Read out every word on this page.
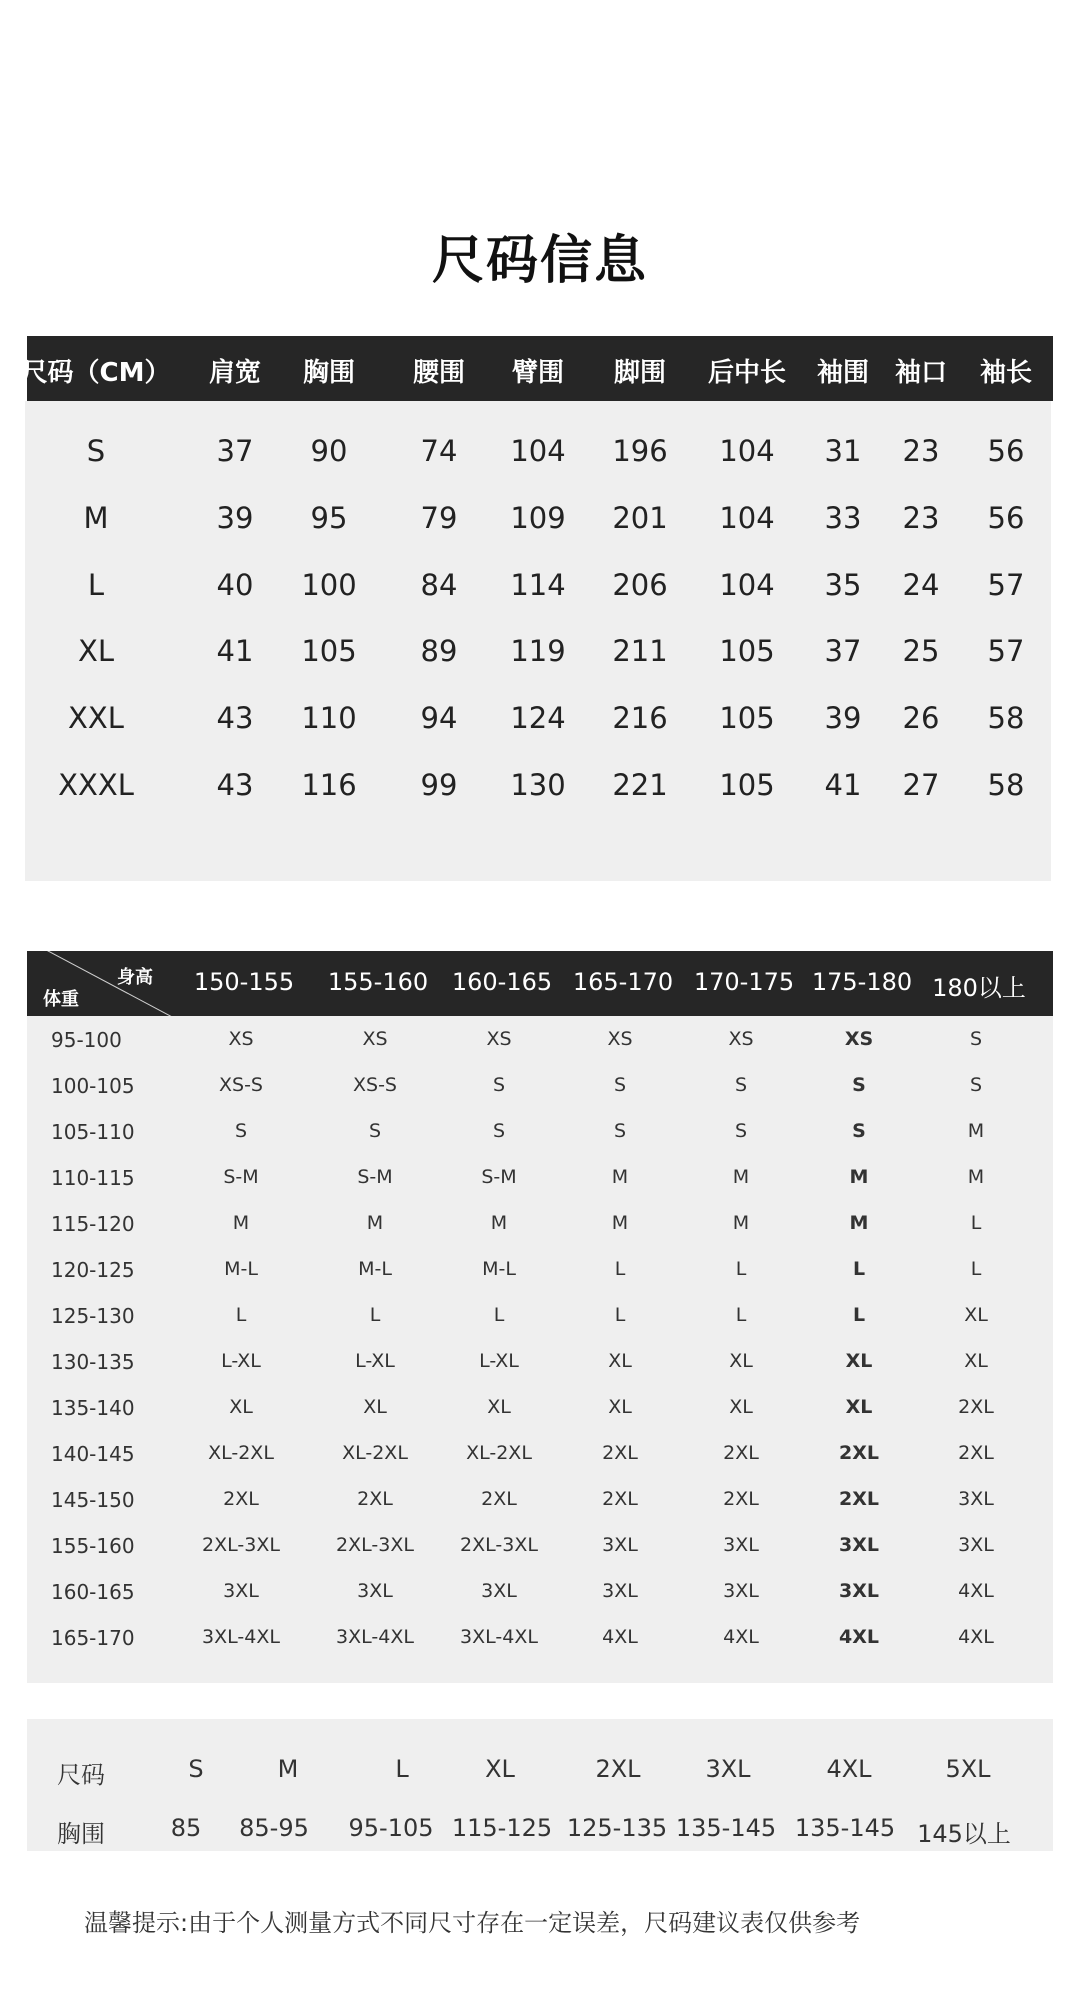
尺码信息
尺码（CM） 肩宽 胸围 腰围 臂围 脚围 后中长 袖围 袖口 袖长
S	37 90	74 104 196 104 31 23 56
M	39 95	79 109 201 104 33 23 56
L	40 100 84 114 206 104 35 24 57
XL	41 105 89 119 211 105 37 25 57
XXL	43 110 94 124 216 105 39 26 58
XXXL	43 116 99 130 221 105 41 27 58
身高
体重
150-155 155-160 160-165 165-170 170-175 175-180 180以上
95-100	XS	XS	XS	XS	XS	XS	S
100-105	XS-S	XS-S	S	S	S	S	S
105-110	S	S	S	S	S	S	M
110-115	S-M	S-M	S-M	M	M	M	M
115-120	M	M	M	M	M	M	L
120-125	M-L	M-L	M-L	L	L	L	L
125-130	L	L	L	L	L	L	XL
130-135	L-XL	L-XL	L-XL	XL	XL	XL	XL
135-140	XL	XL	XL	XL	XL	XL	2XL
140-145	XL-2XL	XL-2XL	XL-2XL	2XL	2XL	2XL	2XL
145-150	2XL	2XL	2XL	2XL	2XL	2XL	3XL
155-160	2XL-3XL	2XL-3XL 2XL-3XL	3XL	3XL	3XL	3XL
160-165	3XL	3XL	3XL	3XL	3XL	3XL	4XL
165-170	3XL-4XL	3XL-4XL 3XL-4XL	4XL	4XL	4XL	4XL
尺码	S	M	L	XL	2XL	3XL	4XL	5XL
胸围	85 85-95 95-105 115-125 125-135 135-145 135-145 145以上
温馨提示:由于个人测量方式不同尺寸存在一定误差，尺码建议表仅供参考
